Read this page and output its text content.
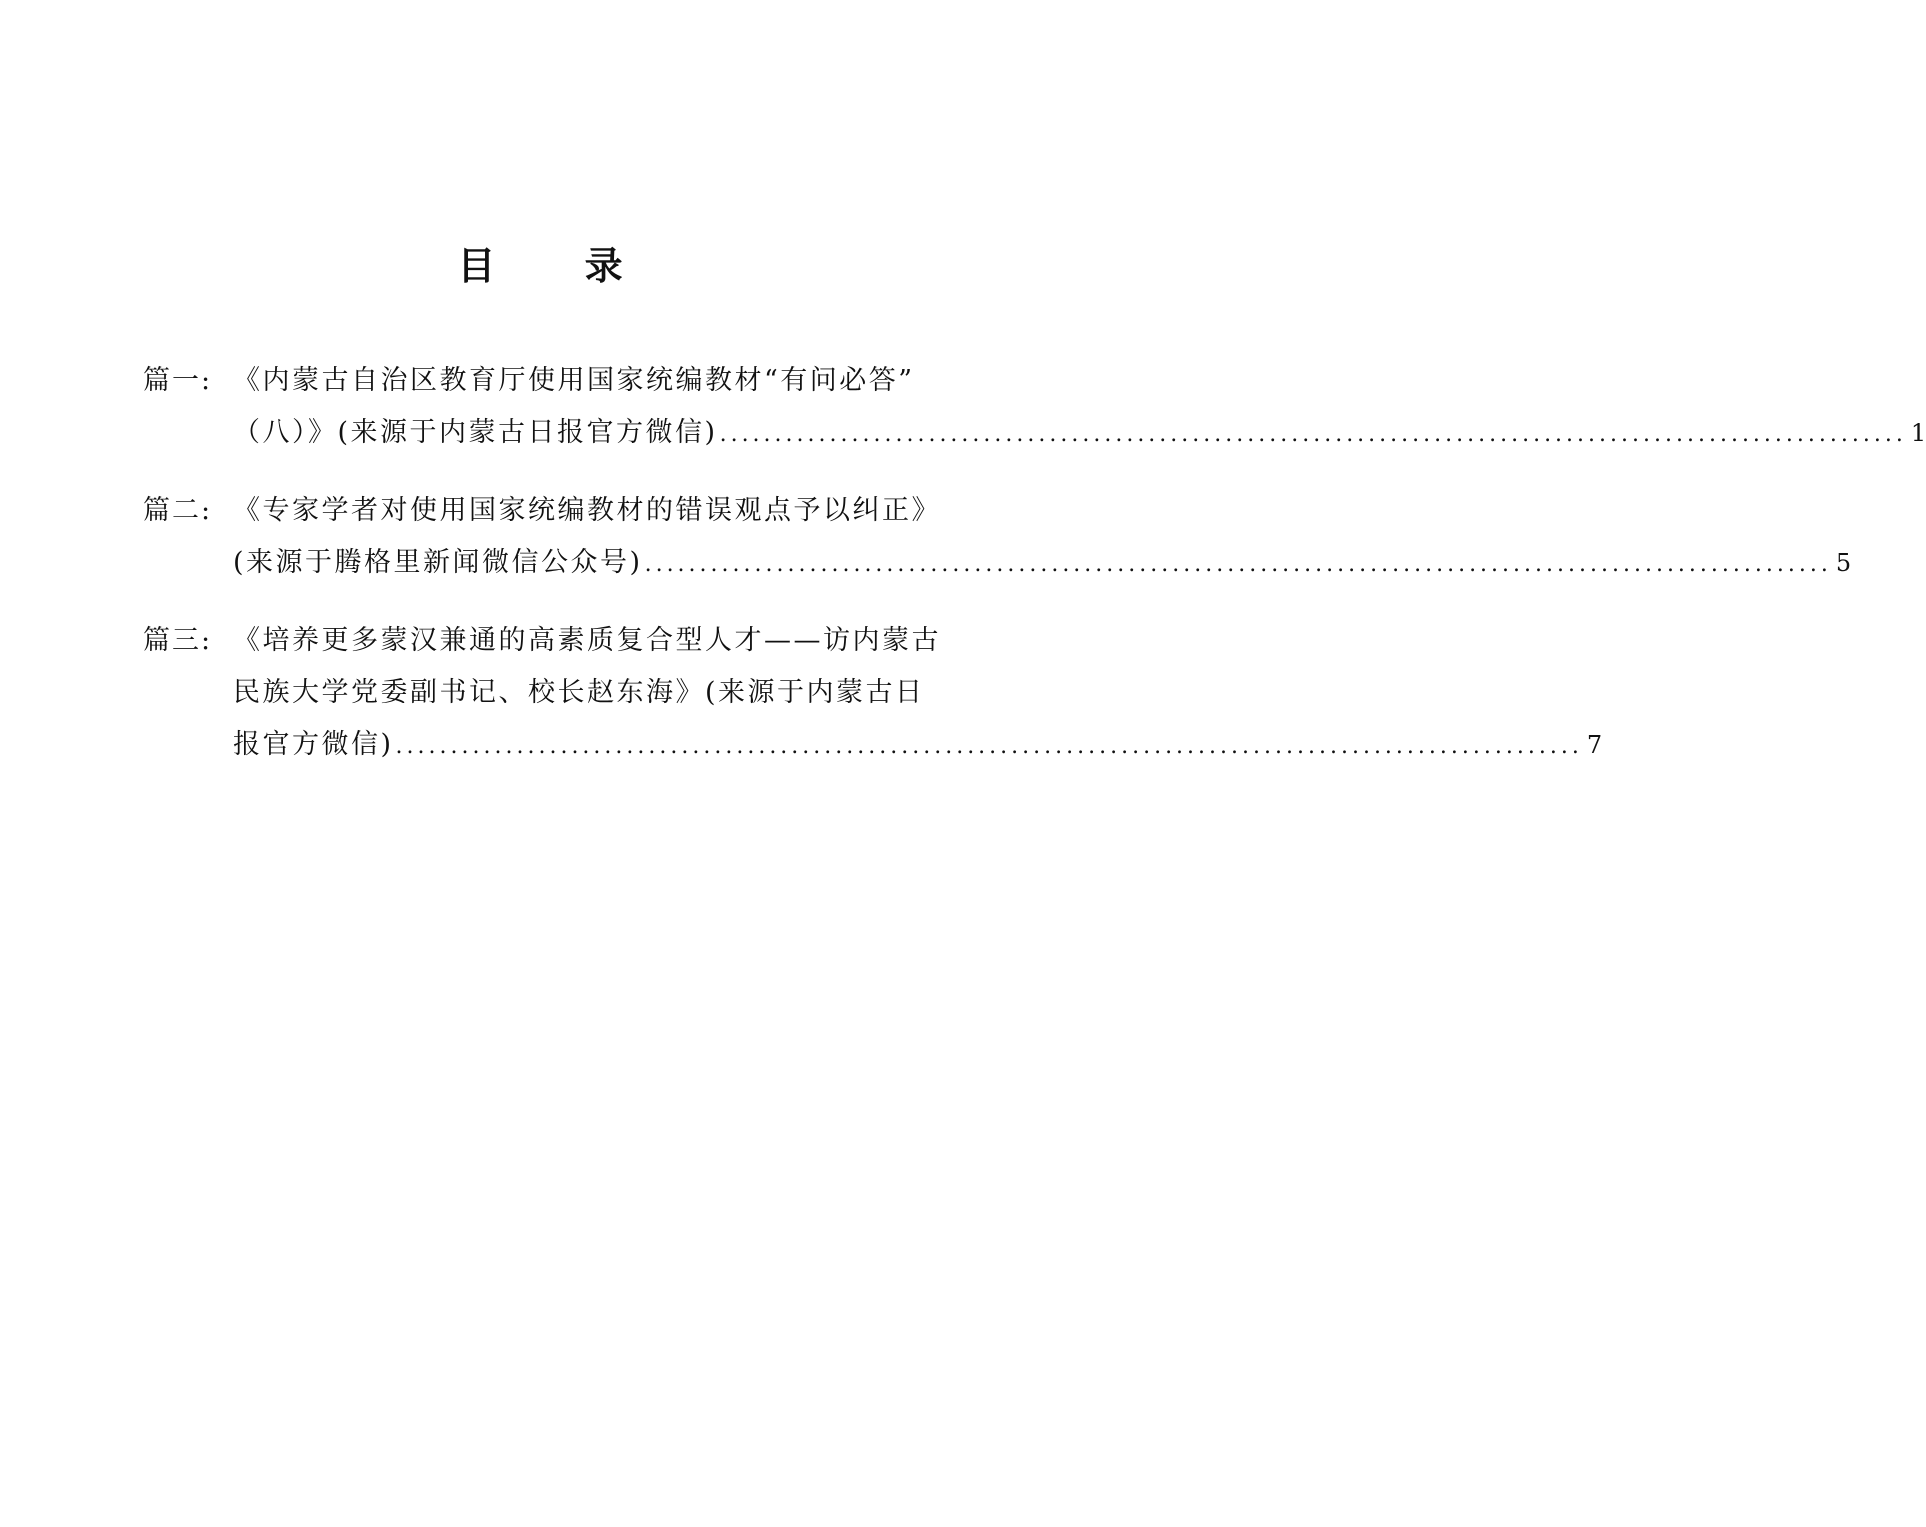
目 录
篇一: 《内蒙古自治区教育厅使用国家统编教材“有问必答”
（八）》(来源于内蒙古日报官方微信) ............................................................................................................ 1
篇二: 《专家学者对使用国家统编教材的错误观点予以纠正》
(来源于腾格里新闻微信公众号) ............................................................................................................ 5
篇三: 《培养更多蒙汉兼通的高素质复合型人才——访内蒙古
民族大学党委副书记、校长赵东海》(来源于内蒙古日
报官方微信) ............................................................................................................ 7
